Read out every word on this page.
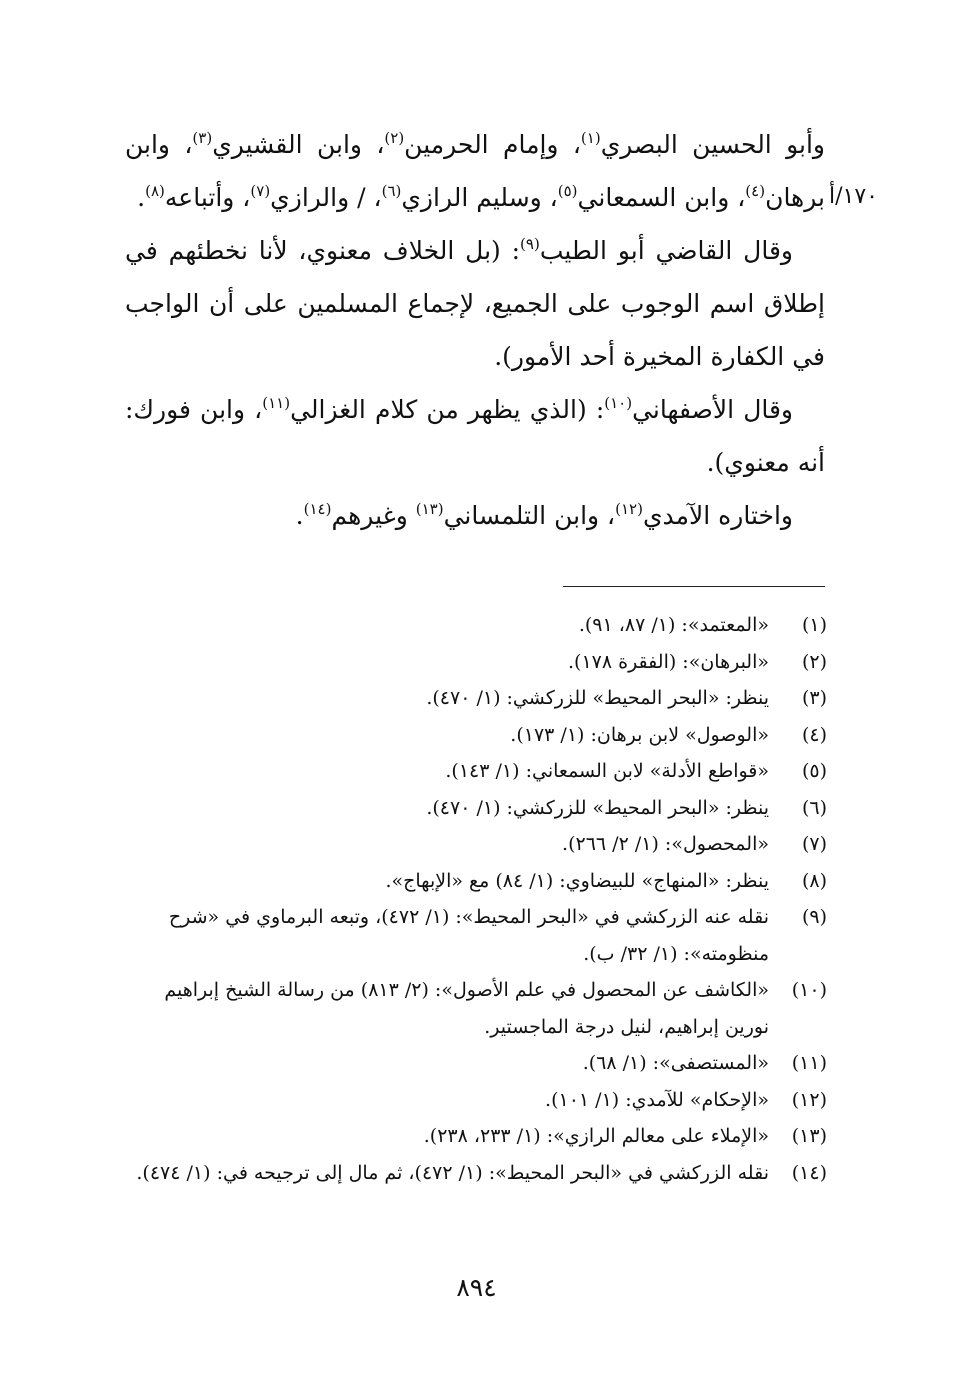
وأبو الحسين البصري$^{(١)}$، وإمام الحرمين$^{(٢)}$، وابن القشيري$^{(٣)}$، وابن برهان$^{(٤)}$، وابن السمعاني$^{(٥)}$، وسليم الرازي$^{(٦)}$، / والرازي$^{(٧)}$، وأتباعه$^{(٨)}$.

وقال القاضي أبو الطيب$^{(٩)}$: (بل الخلاف معنوي، لأنا نخطئهم في إطلاق اسم الوجوب على الجميع، لإجماع المسلمين على أن الواجب في الكفارة المخيرة أحد الأمور).

وقال الأصفهاني$^{(١٠)}$: (الذي يظهر من كلام الغزالي$^{(١١)}$، وابن فورك: أنه معنوي).

واختاره الآمدي$^{(١٢)}$، وابن التلمساني$^{(١٣)}$ وغيرهم$^{(١٤)}$.

١٧٠/أ
(١)
«المعتمد»: (١/ ٨٧، ٩١).
(٢)
«البرهان»: (الفقرة ١٧٨).
(٣)
ينظر: «البحر المحيط» للزركشي: (١/ ٤٧٠).
(٤)
«الوصول» لابن برهان: (١/ ١٧٣).
(٥)
«قواطع الأدلة» لابن السمعاني: (١/ ١٤٣).
(٦)
ينظر: «البحر المحيط» للزركشي: (١/ ٤٧٠).
(٧)
«المحصول»: (١/ ٢/ ٢٦٦).
(٨)
ينظر: «المنهاج» للبيضاوي: (١/ ٨٤) مع «الإبهاج».
(٩)
نقله عنه الزركشي في «البحر المحيط»: (١/ ٤٧٢)، وتبعه البرماوي في «شرح منظومته»: (١/ ٣٢/ ب).
(١٠)
«الكاشف عن المحصول في علم الأصول»: (٢/ ٨١٣) من رسالة الشيخ إبراهيم نورين إبراهيم، لنيل درجة الماجستير.
(١١)
«المستصفى»: (١/ ٦٨).
(١٢)
«الإحكام» للآمدي: (١/ ١٠١).
(١٣)
«الإملاء على معالم الرازي»: (١/ ٢٣٣، ٢٣٨).
(١٤)
نقله الزركشي في «البحر المحيط»: (١/ ٤٧٢)، ثم مال إلى ترجيحه في: (١/ ٤٧٤).
٨٩٤
